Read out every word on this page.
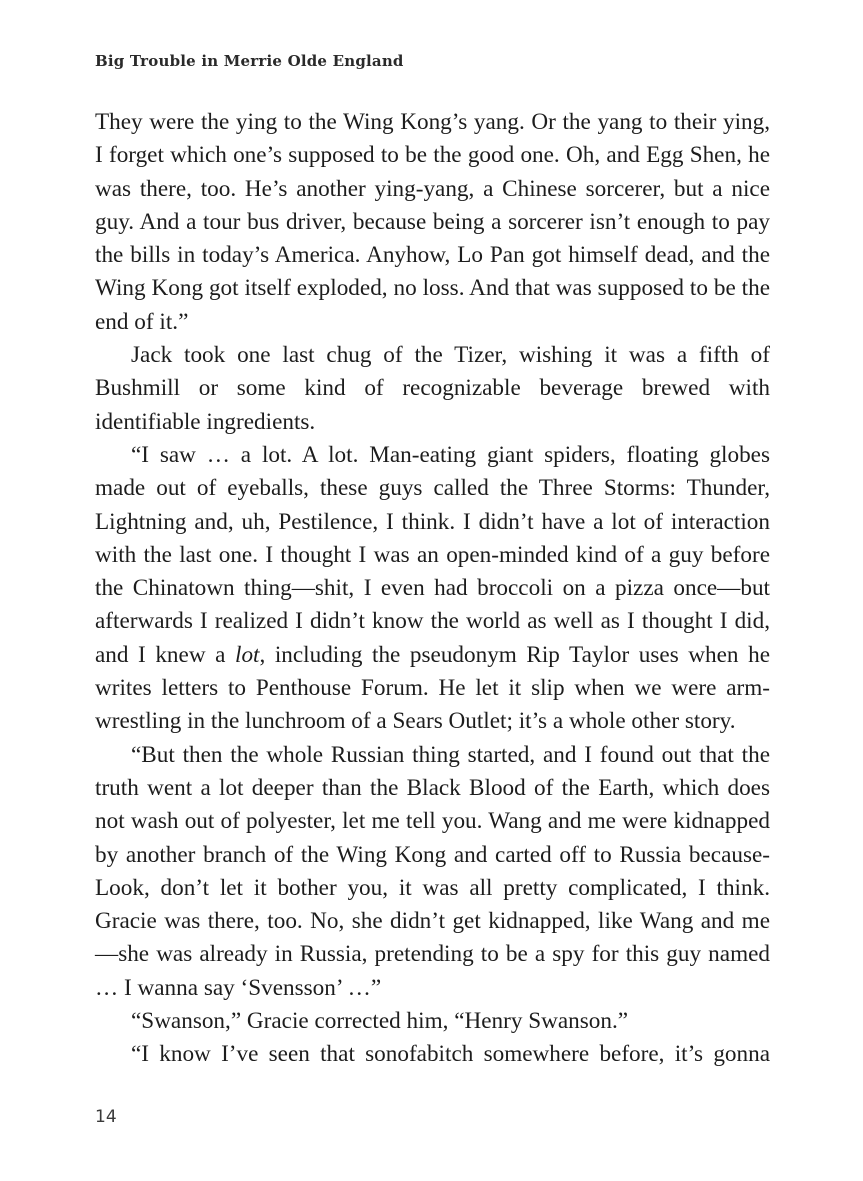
Big Trouble in Merrie Olde England

They were the ying to the Wing Kong’s yang. Or the yang to their ying, I forget which one’s supposed to be the good one. Oh, and Egg Shen, he was there, too. He’s another ying-yang, a Chinese sorcerer, but a nice guy. And a tour bus driver, because being a sorcerer isn’t enough to pay the bills in today’s America. Anyhow, Lo Pan got himself dead, and the Wing Kong got itself exploded, no loss. And that was supposed to be the end of it.”

Jack took one last chug of the Tizer, wishing it was a fifth of Bushmill or some kind of recognizable beverage brewed with identifiable ingredients.

“I saw … a lot. A lot. Man-eating giant spiders, floating globes made out of eyeballs, these guys called the Three Storms: Thunder, Lightning and, uh, Pestilence, I think. I didn’t have a lot of interaction with the last one. I thought I was an open-minded kind of a guy before the Chinatown thing—shit, I even had broccoli on a pizza once—but afterwards I realized I didn’t know the world as well as I thought I did, and I knew a lot, including the pseudonym Rip Taylor uses when he writes letters to Penthouse Forum. He let it slip when we were arm-wrestling in the lunchroom of a Sears Outlet; it’s a whole other story.

“But then the whole Russian thing started, and I found out that the truth went a lot deeper than the Black Blood of the Earth, which does not wash out of polyester, let me tell you. Wang and me were kidnapped by another branch of the Wing Kong and carted off to Russia because-Look, don’t let it bother you, it was all pretty complicated, I think. Gracie was there, too. No, she didn’t get kidnapped, like Wang and me—she was already in Russia, pretending to be a spy for this guy named … I wanna say ‘Svensson’ …”

“Swanson,” Gracie corrected him, “Henry Swanson.”

“I know I’ve seen that sonofabitch somewhere before, it’s gonna

14
